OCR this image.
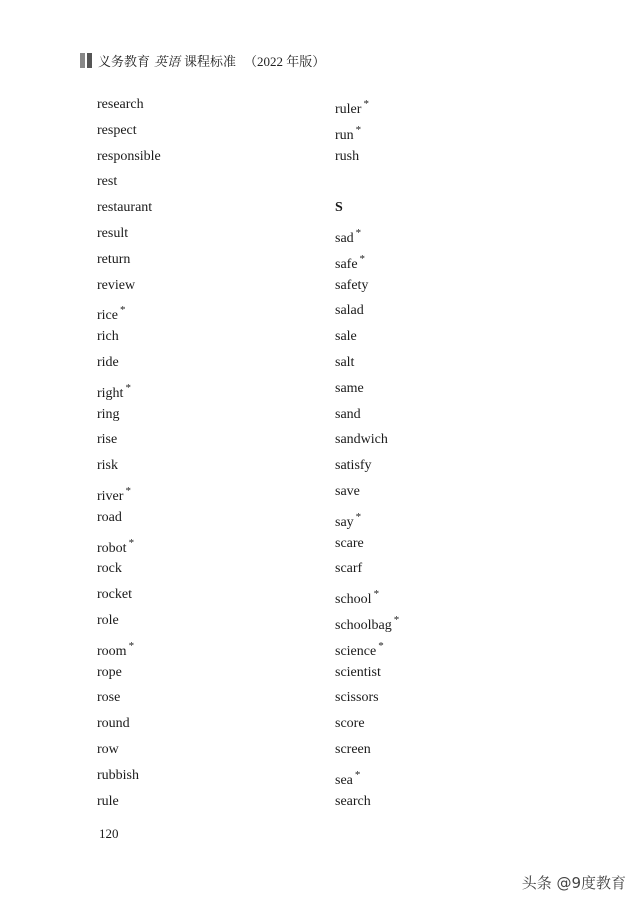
义务教育 英语 课程标准 （2022 年版）
research
respect
responsible
rest
restaurant
result
return
review
rice *
rich
ride
right *
ring
rise
risk
river *
road
robot *
rock
rocket
role
room *
rope
rose
round
row
rubbish
rule
ruler *
run *
rush
S
sad *
safe *
safety
salad
sale
salt
same
sand
sandwich
satisfy
save
say *
scare
scarf
school *
schoolbag *
science *
scientist
scissors
score
screen
sea *
search
120
头条 @9度教育
